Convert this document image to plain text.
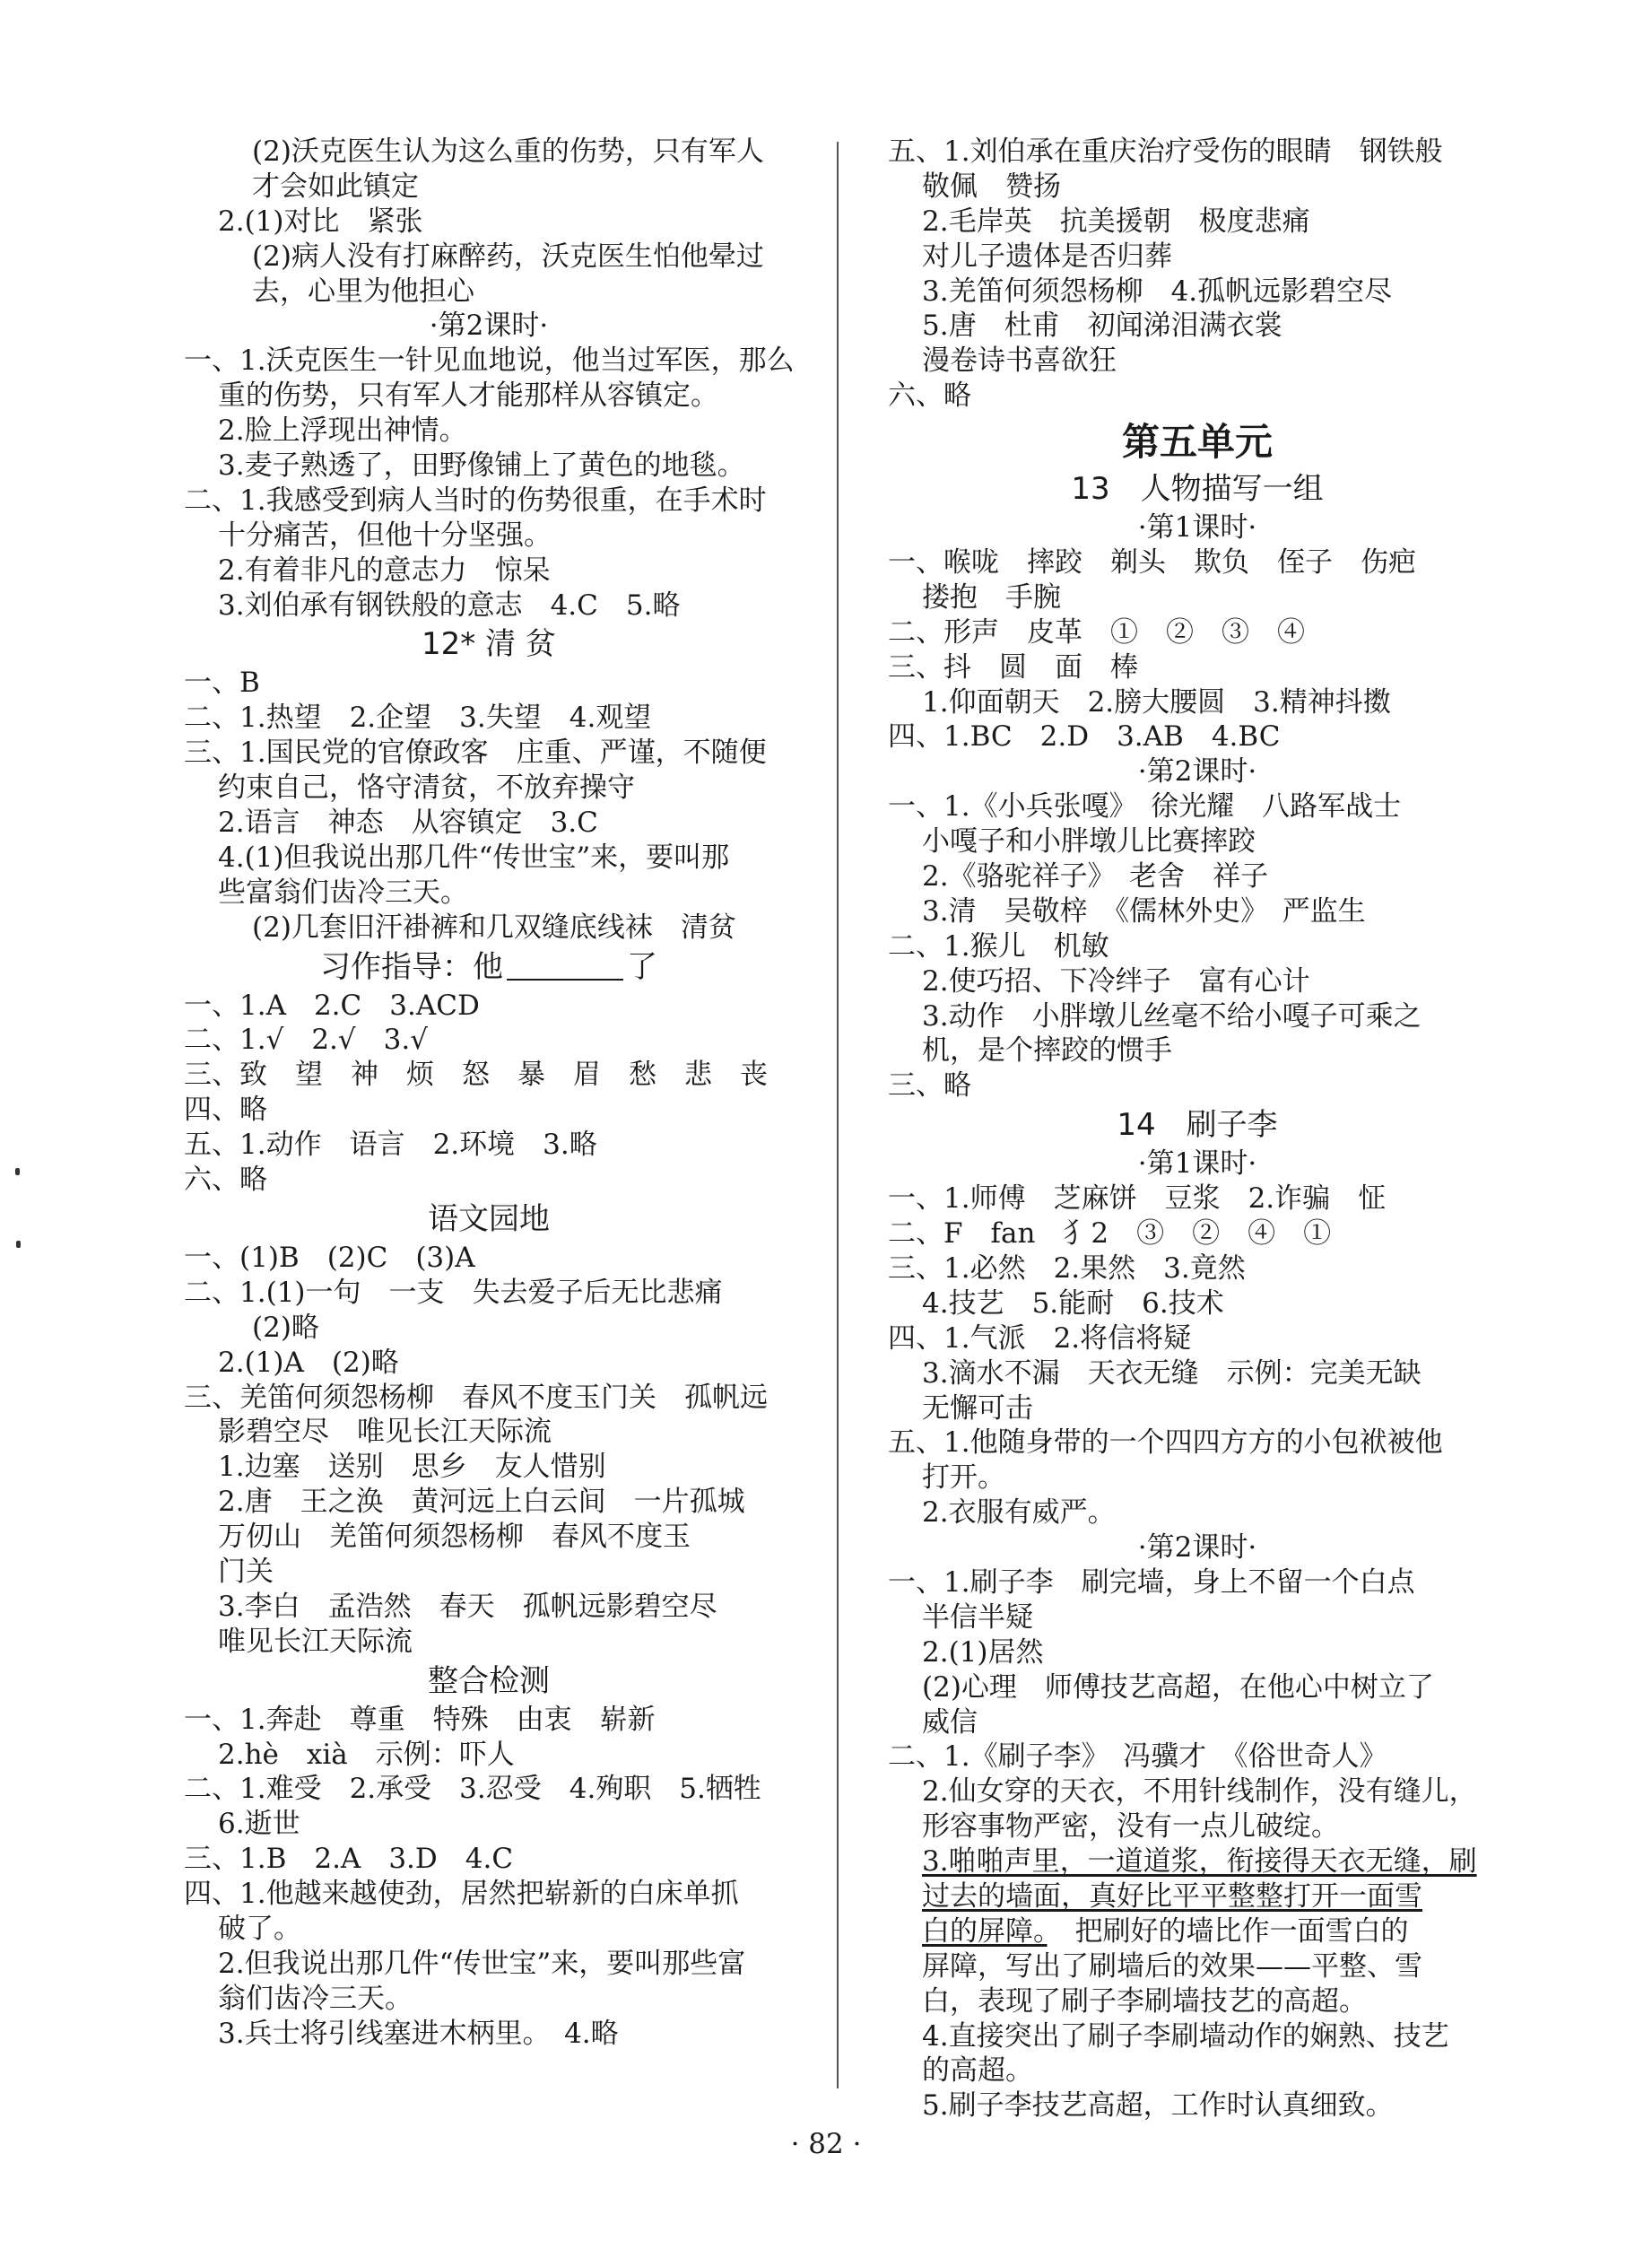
(2)沃克医生认为这么重的伤势，只有军人
才会如此镇定
2.(1)对比　紧张
(2)病人没有打麻醉药，沃克医生怕他晕过
去，心里为他担心
·第2课时·
一、1.沃克医生一针见血地说，他当过军医，那么
重的伤势，只有军人才能那样从容镇定。
2.脸上浮现出神情。
3.麦子熟透了，田野像铺上了黄色的地毯。
二、1.我感受到病人当时的伤势很重，在手术时
十分痛苦，但他十分坚强。
2.有着非凡的意志力　惊呆
3.刘伯承有钢铁般的意志　4.C　5.略
12* 清 贫
一、B
二、1.热望　2.企望　3.失望　4.观望
三、1.国民党的官僚政客　庄重、严谨，不随便
约束自己，恪守清贫，不放弃操守
2.语言　神态　从容镇定　3.C
4.(1)但我说出那几件“传世宝”来，要叫那
些富翁们齿冷三天。
(2)几套旧汗褂裤和几双缝底线袜　清贫
习作指导：他	了
一、1.A　2.C　3.ACD
二、1.√　2.√　3.√
三、致　望　神　烦　怒　暴　眉　愁　悲　丧
四、略
五、1.动作　语言　2.环境　3.略
六、略
语文园地
一、(1)B　(2)C　(3)A
二、1.(1)一句　一支　失去爱子后无比悲痛
(2)略
2.(1)A　(2)略
三、羌笛何须怨杨柳　春风不度玉门关　孤帆远
影碧空尽　唯见长江天际流
1.边塞　送别　思乡　友人惜别
2.唐　王之涣　黄河远上白云间　一片孤城
万仞山　羌笛何须怨杨柳　春风不度玉
门关
3.李白　孟浩然　春天　孤帆远影碧空尽
唯见长江天际流
整合检测
一、1.奔赴　尊重　特殊　由衷　崭新
2.hè　xià　示例：吓人
二、1.难受　2.承受　3.忍受　4.殉职　5.牺牲
6.逝世
三、1.B　2.A　3.D　4.C
四、1.他越来越使劲，居然把崭新的白床单抓
破了。
2.但我说出那几件“传世宝”来，要叫那些富
翁们齿冷三天。
3.兵士将引线塞进木柄里。　4.略
五、1.刘伯承在重庆治疗受伤的眼睛　钢铁般
敬佩　赞扬
2.毛岸英　抗美援朝　极度悲痛
对儿子遗体是否归葬
3.羌笛何须怨杨柳　4.孤帆远影碧空尽
5.唐　杜甫　初闻涕泪满衣裳
漫卷诗书喜欲狂
六、略
第五单元
13　人物描写一组
·第1课时·
一、喉咙　摔跤　剃头　欺负　侄子　伤疤
搂抱　手腕
二、形声　皮革　①　②　③　④
三、抖　圆　面　棒
1.仰面朝天　2.膀大腰圆　3.精神抖擞
四、1.BC　2.D　3.AB　4.BC
·第2课时·
一、1.《小兵张嘎》　徐光耀　八路军战士
小嘎子和小胖墩儿比赛摔跤
2.《骆驼祥子》　老舍　祥子
3.清　吴敬梓　《儒林外史》　严监生
二、1.猴儿　机敏
2.使巧招、下冷绊子　富有心计
3.动作　小胖墩儿丝毫不给小嘎子可乘之
机，是个摔跤的惯手
三、略
14　刷子李
·第1课时·
一、1.师傅　芝麻饼　豆浆　2.诈骗　怔
二、F　fan　犭2　③　②　④　①
三、1.必然　2.果然　3.竟然
4.技艺　5.能耐　6.技术
四、1.气派　2.将信将疑
3.滴水不漏　天衣无缝　示例：完美无缺
无懈可击
五、1.他随身带的一个四四方方的小包袱被他
打开。
2.衣服有威严。
·第2课时·
一、1.刷子李　刷完墙，身上不留一个白点
半信半疑
2.(1)居然
(2)心理　师傅技艺高超，在他心中树立了
威信
二、1.《刷子李》　冯骥才　《俗世奇人》
2.仙女穿的天衣，不用针线制作，没有缝儿，
形容事物严密，没有一点儿破绽。
3.啪啪声里，一道道浆，衔接得天衣无缝，刷
过去的墙面，真好比平平整整打开一面雪
白的屏障。　把刷好的墙比作一面雪白的
屏障，写出了刷墙后的效果——平整、雪
白，表现了刷子李刷墙技艺的高超。
4.直接突出了刷子李刷墙动作的娴熟、技艺
的高超。
5.刷子李技艺高超，工作时认真细致。
· 82 ·
